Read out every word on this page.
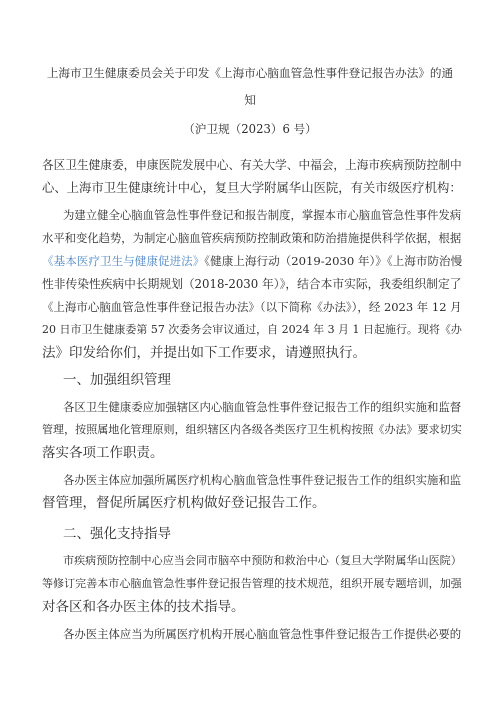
上海市卫生健康委员会关于印发《上海市心脑血管急性事件登记报告办法》的通
知
（沪卫规（2023）6 号）
各区卫生健康委，申康医院发展中心、有关大学、中福会，上海市疾病预防控制中
心、上海市卫生健康统计中心，复旦大学附属华山医院，有关市级医疗机构：
为建立健全心脑血管急性事件登记和报告制度，掌握本市心脑血管急性事件发病
水平和变化趋势，为制定心脑血管疾病预防控制政策和防治措施提供科学依据，根据
《基本医疗卫生与健康促进法》《健康上海行动（2019-2030 年）》《上海市防治慢
性非传染性疾病中长期规划（2018-2030 年）》，结合本市实际，我委组织制定了
《上海市心脑血管急性事件登记报告办法》（以下简称《办法》），经 2023 年 12 月
20 日市卫生健康委第 57 次委务会审议通过，自 2024 年 3 月 1 日起施行。现将《办
法》印发给你们，并提出如下工作要求，请遵照执行。
一、加强组织管理
各区卫生健康委应加强辖区内心脑血管急性事件登记报告工作的组织实施和监督
管理，按照属地化管理原则，组织辖区内各级各类医疗卫生机构按照《办法》要求切实
落实各项工作职责。
各办医主体应加强所属医疗机构心脑血管急性事件登记报告工作的组织实施和监
督管理，督促所属医疗机构做好登记报告工作。
二、强化支持指导
市疾病预防控制中心应当会同市脑卒中预防和救治中心（复旦大学附属华山医院）
等修订完善本市心脑血管急性事件登记报告管理的技术规范，组织开展专题培训，加强
对各区和各办医主体的技术指导。
各办医主体应当为所属医疗机构开展心脑血管急性事件登记报告工作提供必要的
